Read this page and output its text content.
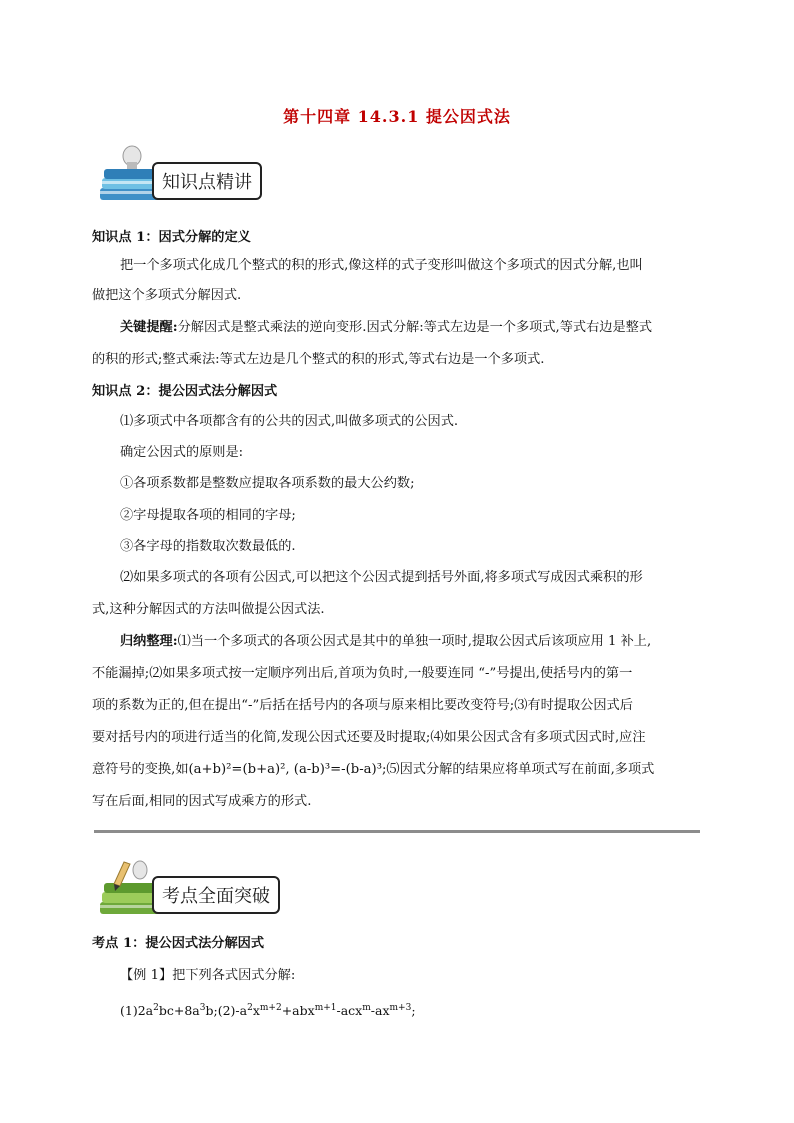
第十四章 14.3.1 提公因式法
知识点精讲
知识点 1：因式分解的定义
把一个多项式化成几个整式的积的形式,像这样的式子变形叫做这个多项式的因式分解,也叫
做把这个多项式分解因式.
关键提醒:分解因式是整式乘法的逆向变形.因式分解:等式左边是一个多项式,等式右边是整式
的积的形式;整式乘法:等式左边是几个整式的积的形式,等式右边是一个多项式.
知识点 2：提公因式法分解因式
⑴多项式中各项都含有的公共的因式,叫做多项式的公因式.
确定公因式的原则是:
①各项系数都是整数应提取各项系数的最大公约数;
②字母提取各项的相同的字母;
③各字母的指数取次数最低的.
⑵如果多项式的各项有公因式,可以把这个公因式提到括号外面,将多项式写成因式乘积的形
式,这种分解因式的方法叫做提公因式法.
归纳整理:⑴当一个多项式的各项公因式是其中的单独一项时,提取公因式后该项应用 1 补上,
不能漏掉;⑵如果多项式按一定顺序列出后,首项为负时,一般要连同 “-”号提出,使括号内的第一
项的系数为正的,但在提出“-”后括在括号内的各项与原来相比要改变符号;⑶有时提取公因式后
要对括号内的项进行适当的化简,发现公因式还要及时提取;⑷如果公因式含有多项式因式时,应注
意符号的变换,如(a+b)²=(b+a)², (a-b)³=-(b-a)³;⑸因式分解的结果应将单项式写在前面,多项式
写在后面,相同的因式写成乘方的形式.
考点全面突破
考点 1：提公因式法分解因式
【例 1】把下列各式因式分解:
$(1)2a^2bc+8a^3b;(2)-a^2x^{m+2}+abx^{m+1}-acx^m-ax^{m+3}$;
